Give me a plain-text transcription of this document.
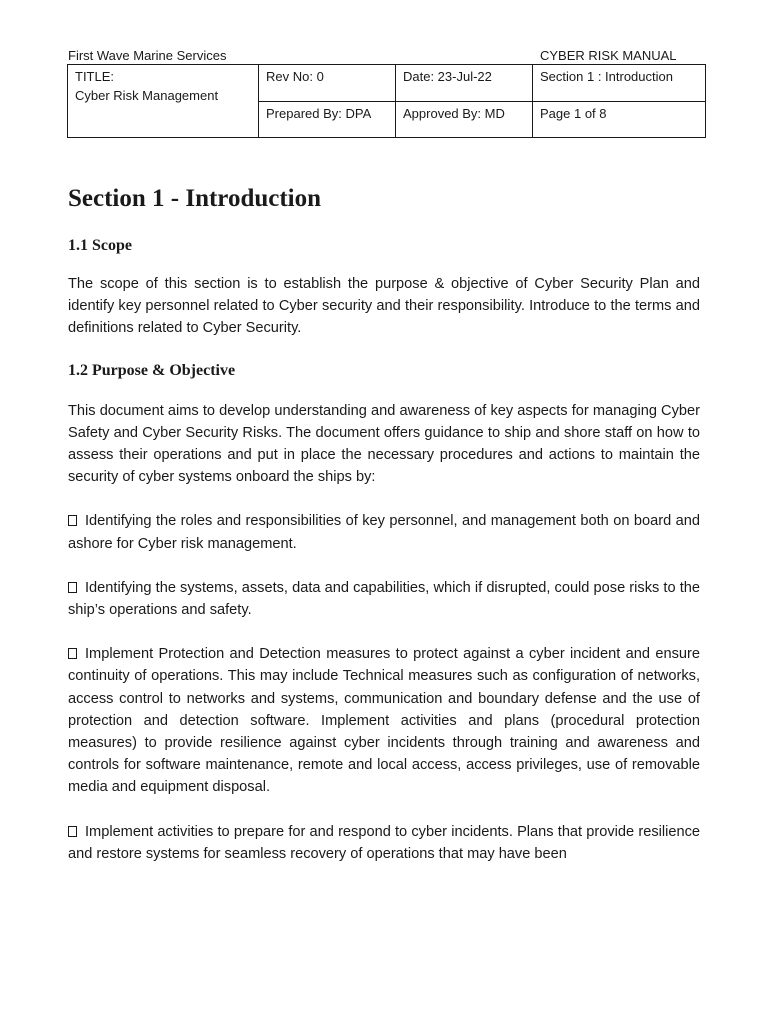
First Wave Marine Services	CYBER RISK MANUAL
TITLE:
Cyber Risk Management	Rev No: 0	Date: 23-Jul-22	Section 1 : Introduction
	Prepared By: DPA	Approved By: MD	Page 1 of 8
Section 1 - Introduction
1.1 Scope

The scope of this section is to establish the purpose & objective of Cyber Security Plan and identify key personnel related to Cyber security and their responsibility. Introduce to the terms and definitions related to Cyber Security.

1.2 Purpose & Objective

This document aims to develop understanding and awareness of key aspects for managing Cyber Safety and Cyber Security Risks. The document offers guidance to ship and shore staff on how to assess their operations and put in place the necessary procedures and actions to maintain the security of cyber systems onboard the ships by:

Identifying the roles and responsibilities of key personnel, and management both on board and ashore for Cyber risk management.

Identifying the systems, assets, data and capabilities, which if disrupted, could pose risks to the ship’s operations and safety.

Implement Protection and Detection measures to protect against a cyber incident and ensure continuity of operations. This may include Technical measures such as configuration of networks, access control to networks and systems, communication and boundary defense and the use of protection and detection software. Implement activities and plans (procedural protection measures) to provide resilience against cyber incidents through training and awareness and controls for software maintenance, remote and local access, access privileges, use of removable media and equipment disposal.

Implement activities to prepare for and respond to cyber incidents. Plans that provide resilience and restore systems for seamless recovery of operations that may have been
